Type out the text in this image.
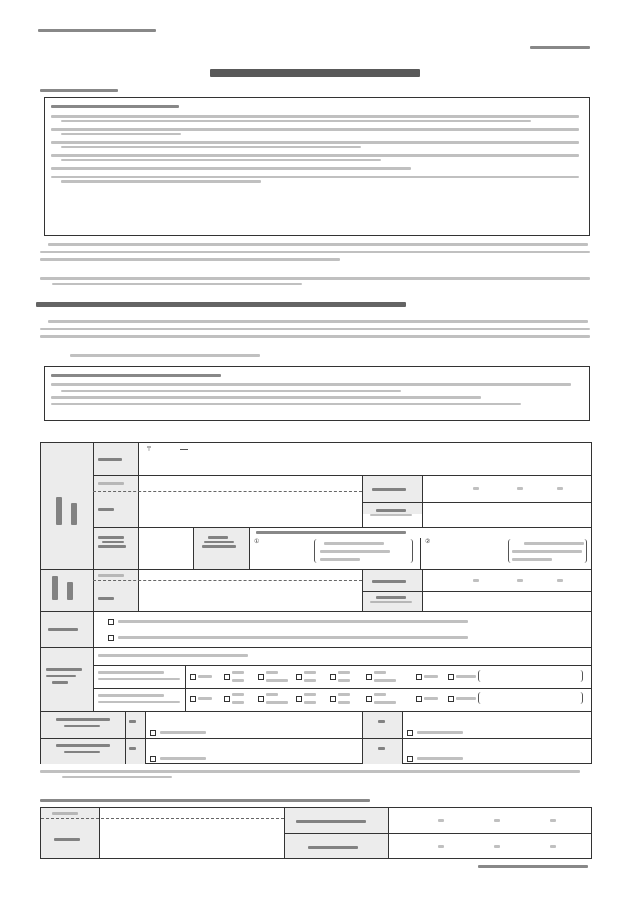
〒
①	②
